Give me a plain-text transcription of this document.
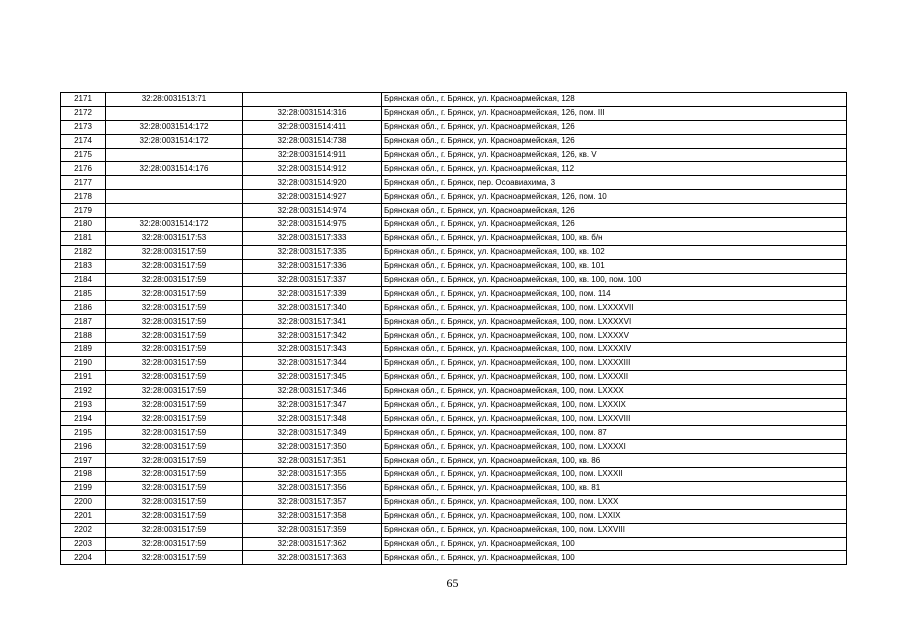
2171	32:28:0031513:71		Брянская обл., г. Брянск, ул. Красноармейская, 128
2172		32:28:0031514:316	Брянская обл., г. Брянск, ул. Красноармейская, 126, пом. III
2173	32:28:0031514:172	32:28:0031514:411	Брянская обл., г. Брянск, ул. Красноармейская, 126
2174	32:28:0031514:172	32:28:0031514:738	Брянская обл., г. Брянск, ул. Красноармейская, 126
2175		32:28:0031514:911	Брянская обл., г. Брянск, ул. Красноармейская, 126, кв. V
2176	32:28:0031514:176	32:28:0031514:912	Брянская обл., г. Брянск, ул. Красноармейская, 112
2177		32:28:0031514:920	Брянская обл., г. Брянск, пер. Осоавиахима, 3
2178		32:28:0031514:927	Брянская обл., г. Брянск, ул. Красноармейская, 126, пом. 10
2179		32:28:0031514:974	Брянская обл., г. Брянск, ул. Красноармейская, 126
2180	32:28:0031514:172	32:28:0031514:975	Брянская обл., г. Брянск, ул. Красноармейская, 126
2181	32:28:0031517:53	32:28:0031517:333	Брянская обл., г. Брянск, ул. Красноармейская, 100, кв. б/н
2182	32:28:0031517:59	32:28:0031517:335	Брянская обл., г. Брянск, ул. Красноармейская, 100, кв. 102
2183	32:28:0031517:59	32:28:0031517:336	Брянская обл., г. Брянск, ул. Красноармейская, 100, кв. 101
2184	32:28:0031517:59	32:28:0031517:337	Брянская обл., г. Брянск, ул. Красноармейская, 100, кв. 100, пом. 100
2185	32:28:0031517:59	32:28:0031517:339	Брянская обл., г. Брянск, ул. Красноармейская, 100, пом. 114
2186	32:28:0031517:59	32:28:0031517:340	Брянская обл., г. Брянск, ул. Красноармейская, 100, пом. LXXXXVII
2187	32:28:0031517:59	32:28:0031517:341	Брянская обл., г. Брянск, ул. Красноармейская, 100, пом. LXXXXVI
2188	32:28:0031517:59	32:28:0031517:342	Брянская обл., г. Брянск, ул. Красноармейская, 100, пом. LXXXXV
2189	32:28:0031517:59	32:28:0031517:343	Брянская обл., г. Брянск, ул. Красноармейская, 100, пом. LXXXXIV
2190	32:28:0031517:59	32:28:0031517:344	Брянская обл., г. Брянск, ул. Красноармейская, 100, пом. LXXXXIII
2191	32:28:0031517:59	32:28:0031517:345	Брянская обл., г. Брянск, ул. Красноармейская, 100, пом. LXXXXII
2192	32:28:0031517:59	32:28:0031517:346	Брянская обл., г. Брянск, ул. Красноармейская, 100, пом. LXXXX
2193	32:28:0031517:59	32:28:0031517:347	Брянская обл., г. Брянск, ул. Красноармейская, 100, пом. LXXXIX
2194	32:28:0031517:59	32:28:0031517:348	Брянская обл., г. Брянск, ул. Красноармейская, 100, пом. LXXXVIII
2195	32:28:0031517:59	32:28:0031517:349	Брянская обл., г. Брянск, ул. Красноармейская, 100, пом. 87
2196	32:28:0031517:59	32:28:0031517:350	Брянская обл., г. Брянск, ул. Красноармейская, 100, пом. LXXXXI
2197	32:28:0031517:59	32:28:0031517:351	Брянская обл., г. Брянск, ул. Красноармейская, 100, кв. 86
2198	32:28:0031517:59	32:28:0031517:355	Брянская обл., г. Брянск, ул. Красноармейская, 100, пом. LXXXII
2199	32:28:0031517:59	32:28:0031517:356	Брянская обл., г. Брянск, ул. Красноармейская, 100, кв. 81
2200	32:28:0031517:59	32:28:0031517:357	Брянская обл., г. Брянск, ул. Красноармейская, 100, пом. LXXX
2201	32:28:0031517:59	32:28:0031517:358	Брянская обл., г. Брянск, ул. Красноармейская, 100, пом. LXXIX
2202	32:28:0031517:59	32:28:0031517:359	Брянская обл., г. Брянск, ул. Красноармейская, 100, пом. LXXVIII
2203	32:28:0031517:59	32:28:0031517:362	Брянская обл., г. Брянск, ул. Красноармейская, 100
2204	32:28:0031517:59	32:28:0031517:363	Брянская обл., г. Брянск, ул. Красноармейская, 100
65
